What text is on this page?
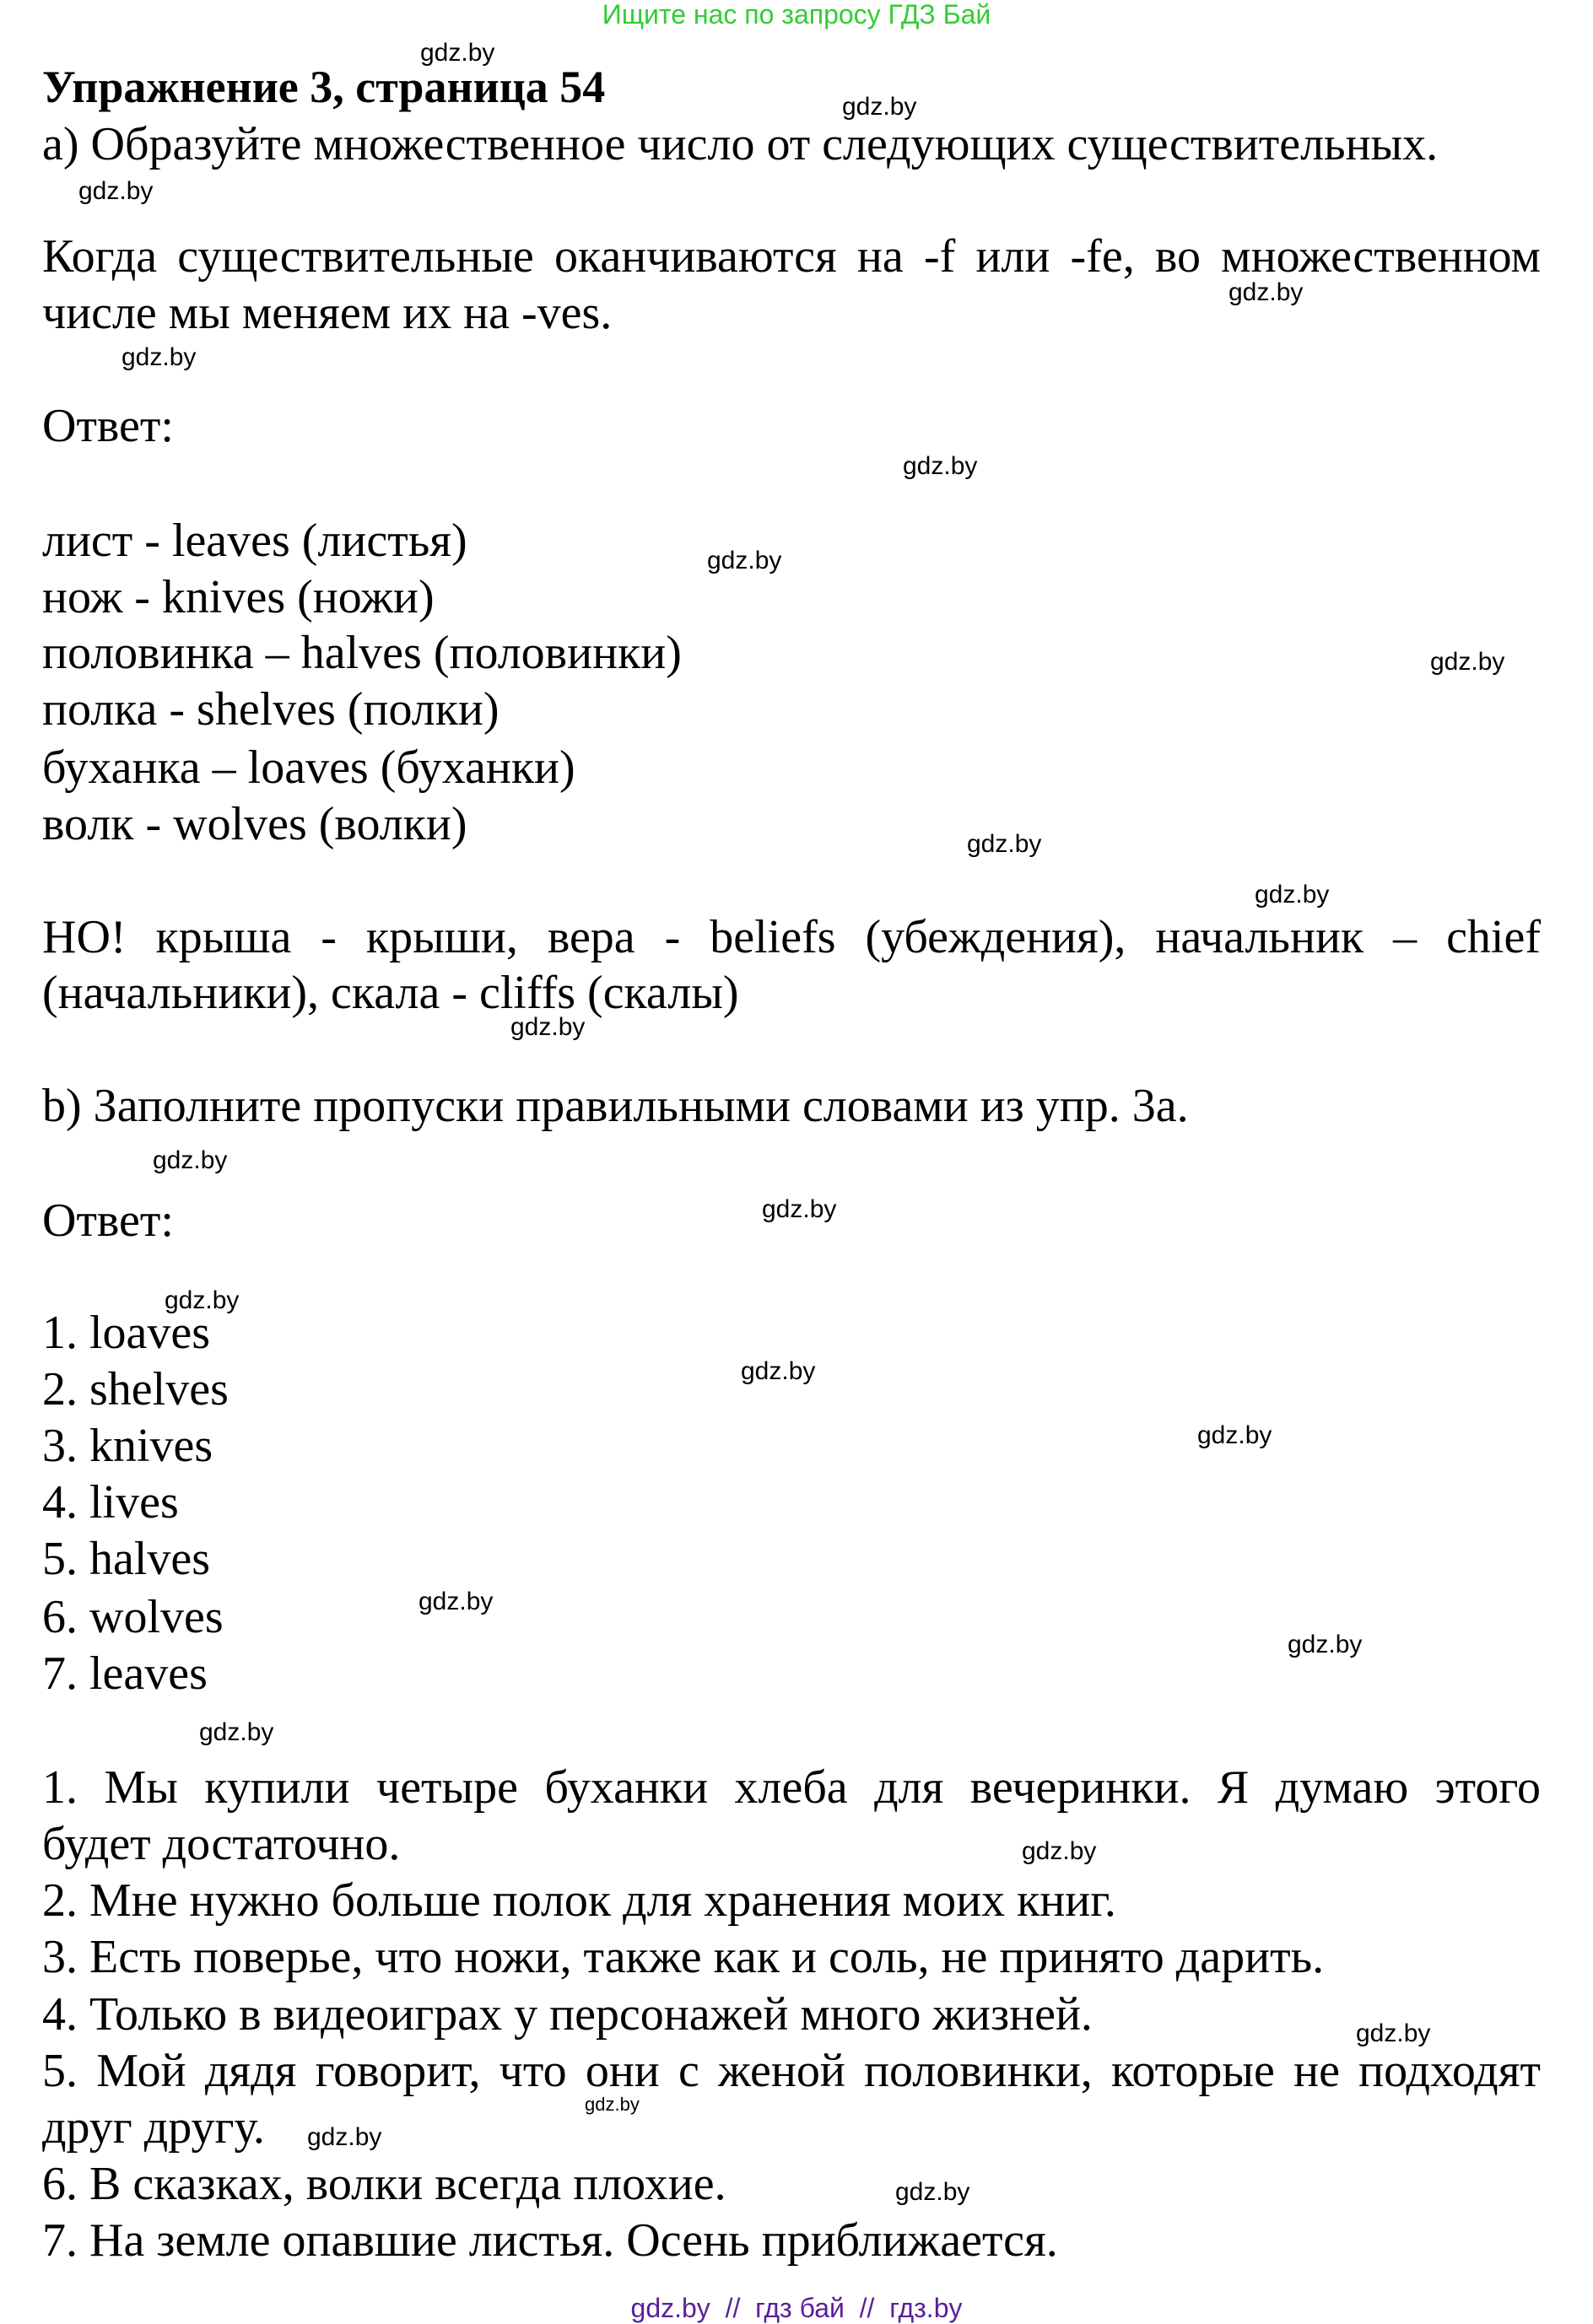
Ищите нас по запросу ГДЗ Бай
Упражнение 3, страница 54
а) Образуйте множественное число от следующих существительных.
Когда существительные оканчиваются на -f или -fe, во множественном
числе мы меняем их на -ves.
Ответ:
лист - leaves (листья)
нож - knives (ножи)
половинка – halves (половинки)
полка - shelves (полки)
буханка – loaves (буханки)
волк - wolves (волки)
НО! крыша - крыши, вера - beliefs (убеждения), начальник – chief
(начальники), скала - cliffs (скалы)
b) Заполните пропуски правильными словами из упр. 3а.
Ответ:
1. loaves
2. shelves
3. knives
4. lives
5. halves
6. wolves
7. leaves
1. Мы купили четыре буханки хлеба для вечеринки. Я думаю этого
будет достаточно.
2. Мне нужно больше полок для хранения моих книг.
3. Есть поверье, что ножи, также как и соль, не принято дарить.
4. Только в видеоиграх у персонажей много жизней.
5. Мой дядя говорит, что они с женой половинки, которые не подходят
друг другу.
6. В сказках, волки всегда плохие.
7. На земле опавшие листья. Осень приближается.
gdz.by
gdz.by
gdz.by
gdz.by
gdz.by
gdz.by
gdz.by
gdz.by
gdz.by
gdz.by
gdz.by
gdz.by
gdz.by
gdz.by
gdz.by
gdz.by
gdz.by
gdz.by
gdz.by
gdz.by
gdz.by
gdz.by
gdz.by
gdz.by
gdz.by  //  гдз бай  //  гдз.by
